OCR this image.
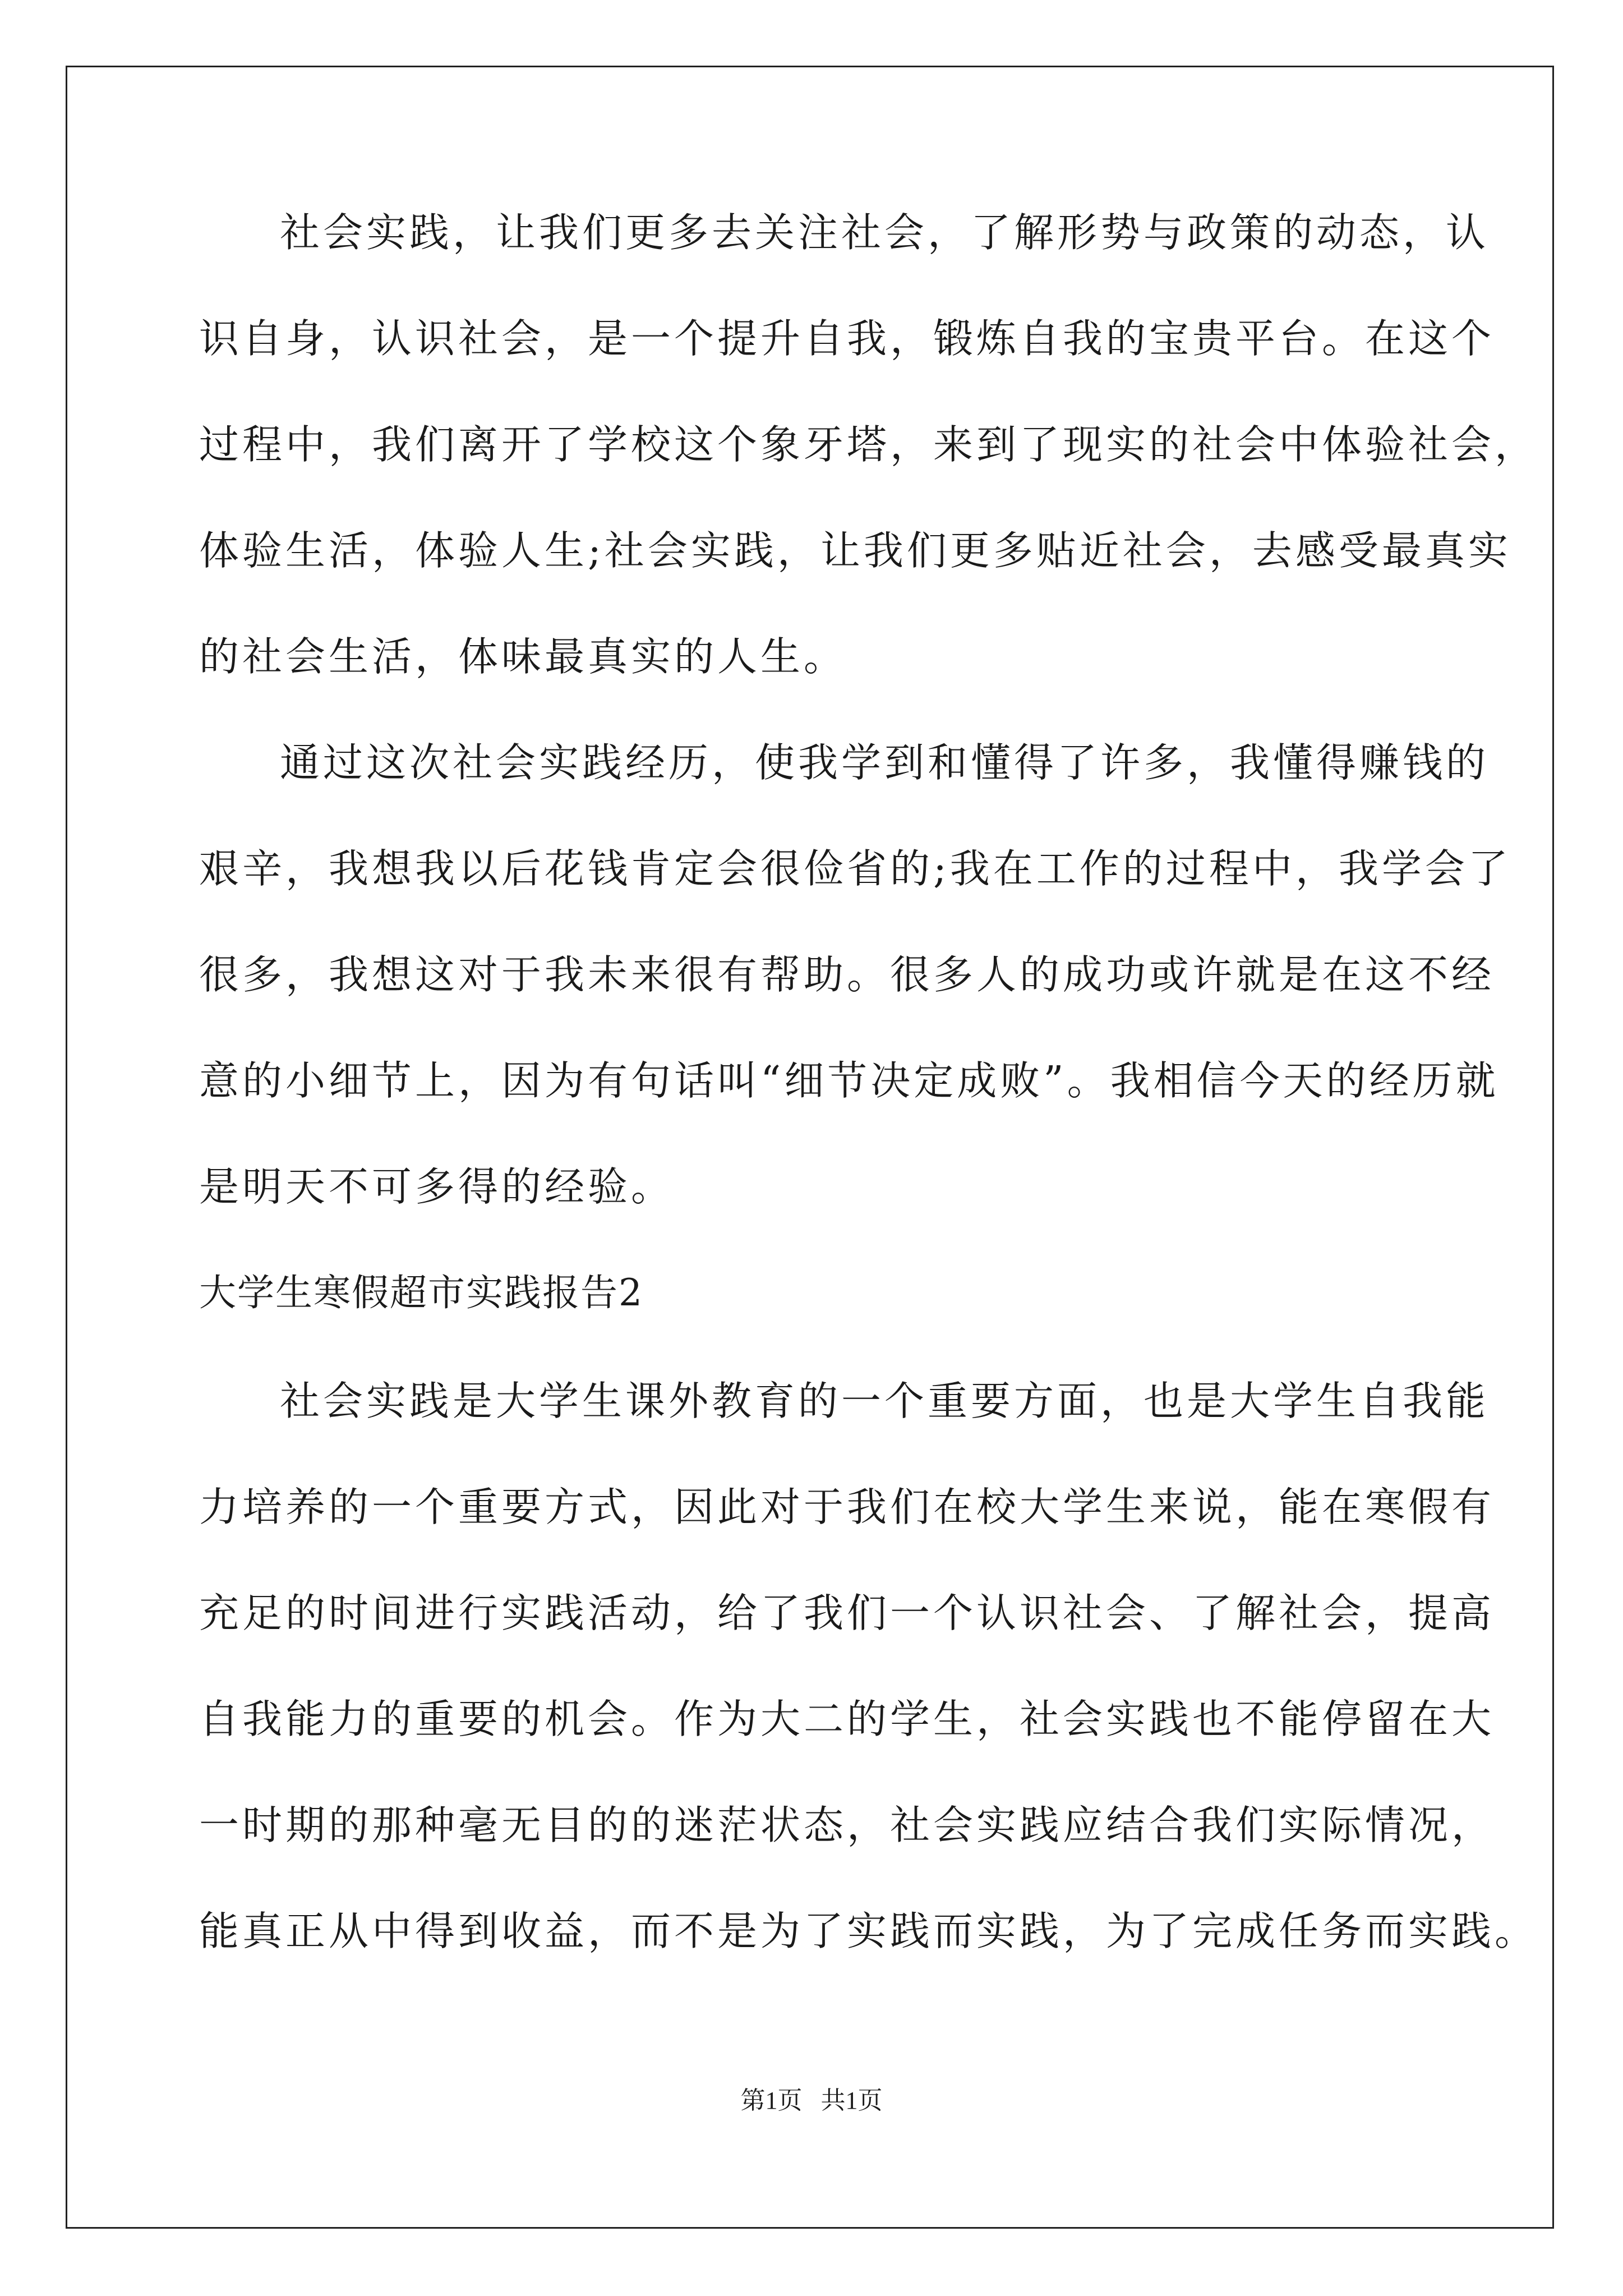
社会实践，让我们更多去关注社会，了解形势与政策的动态，认
识自身，认识社会，是一个提升自我，锻炼自我的宝贵平台。在这个
过程中，我们离开了学校这个象牙塔，来到了现实的社会中体验社会，
体验生活，体验人生;社会实践，让我们更多贴近社会，去感受最真实
的社会生活，体味最真实的人生。
通过这次社会实践经历，使我学到和懂得了许多，我懂得赚钱的
艰辛，我想我以后花钱肯定会很俭省的;我在工作的过程中，我学会了
很多，我想这对于我未来很有帮助。很多人的成功或许就是在这不经
意的小细节上，因为有句话叫“细节决定成败”。我相信今天的经历就
是明天不可多得的经验。
大学生寒假超市实践报告2
社会实践是大学生课外教育的一个重要方面，也是大学生自我能
力培养的一个重要方式，因此对于我们在校大学生来说，能在寒假有
充足的时间进行实践活动，给了我们一个认识社会、了解社会，提高
自我能力的重要的机会。作为大二的学生，社会实践也不能停留在大
一时期的那种毫无目的的迷茫状态，社会实践应结合我们实际情况，
能真正从中得到收益，而不是为了实践而实践，为了完成任务而实践。
第1页   共1页
